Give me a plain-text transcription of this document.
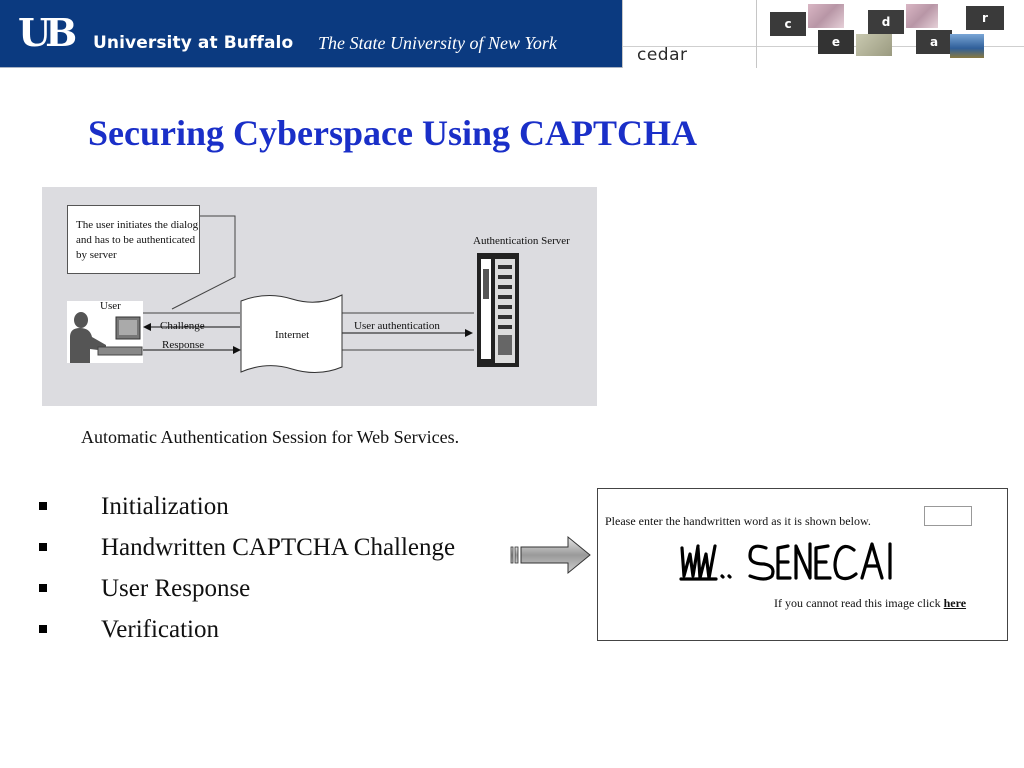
UB University at Buffalo The State University of New York
cedar
c
e
d
a
r
Securing Cyberspace Using CAPTCHA
The user initiates the dialog and has to be authenticated by server
User
Challenge
Response
Internet
User authentication
Authentication Server
Automatic Authentication Session for Web Services.
Initialization
Handwritten CAPTCHA Challenge
User Response
Verification
Please enter the handwritten word as it is shown below.
W. SENECA
If you cannot read this image click here
